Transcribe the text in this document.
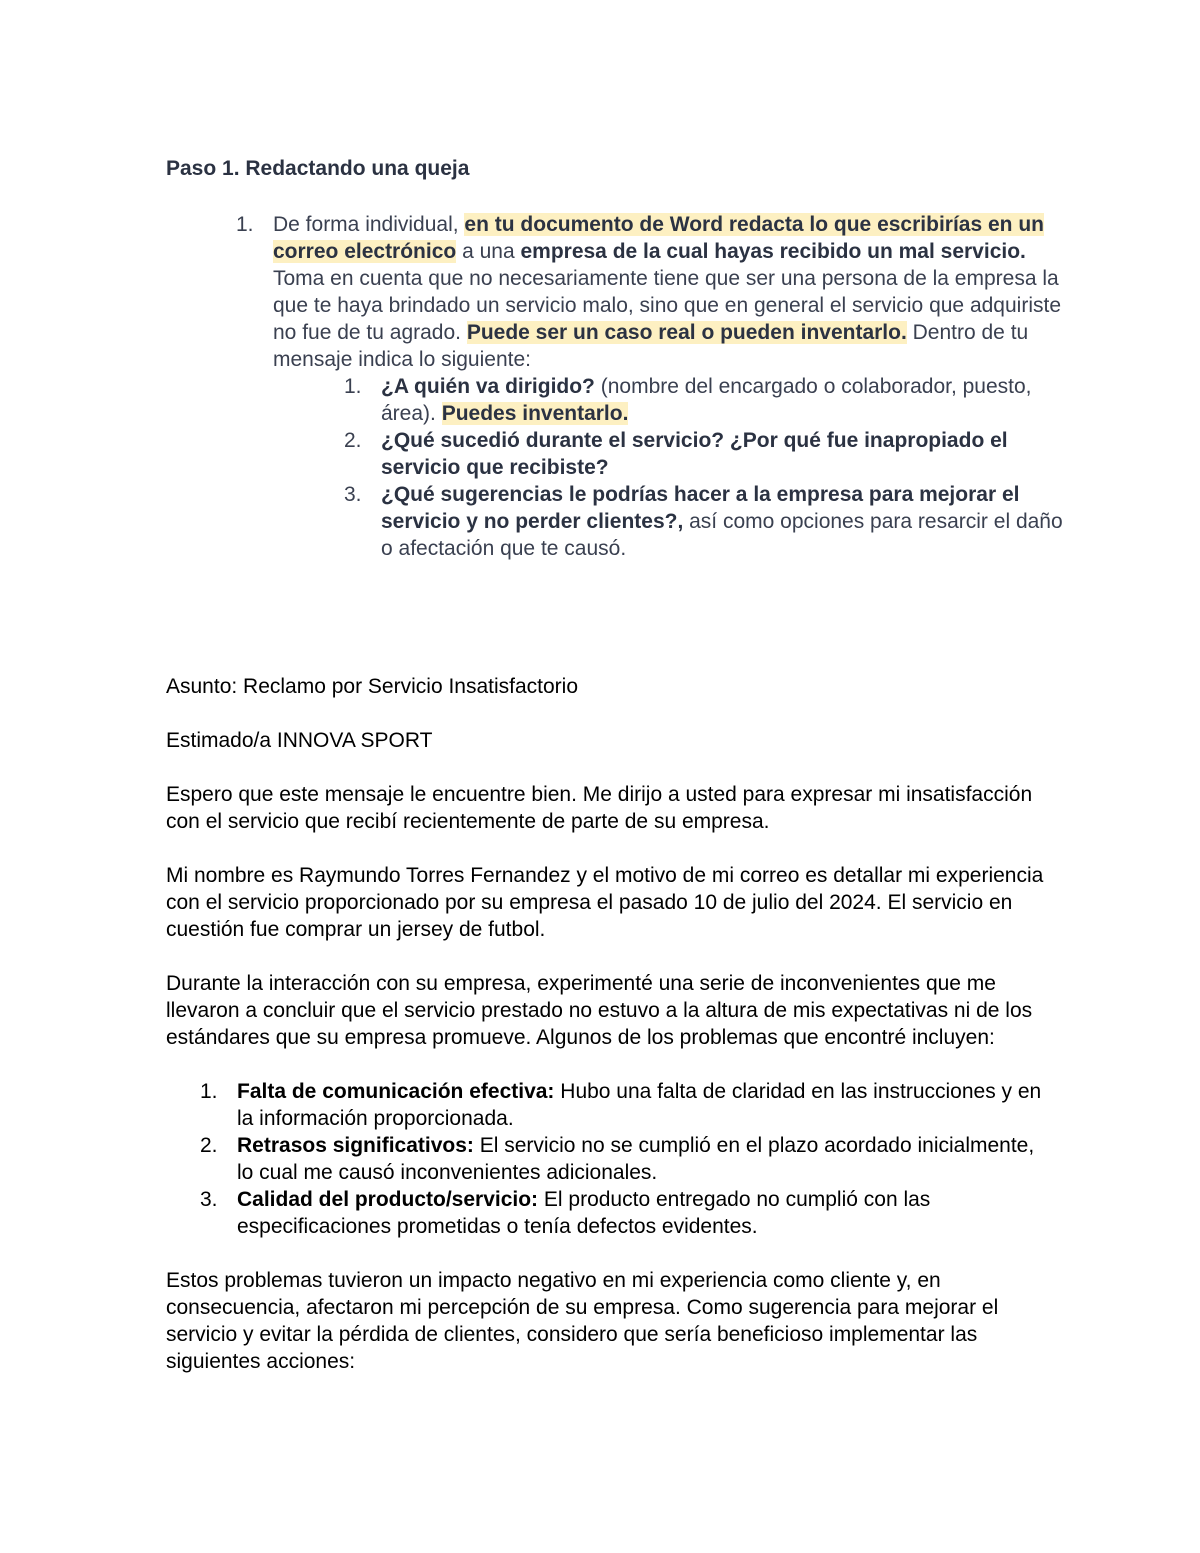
Paso 1. Redactando una queja
1. De forma individual, en tu documento de Word redacta lo que escribirías en un correo electrónico a una empresa de la cual hayas recibido un mal servicio. Toma en cuenta que no necesariamente tiene que ser una persona de la empresa la que te haya brindado un servicio malo, sino que en general el servicio que adquiriste no fue de tu agrado. Puede ser un caso real o pueden inventarlo. Dentro de tu mensaje indica lo siguiente:
1. ¿A quién va dirigido? (nombre del encargado o colaborador, puesto, área). Puedes inventarlo.
2. ¿Qué sucedió durante el servicio? ¿Por qué fue inapropiado el servicio que recibiste?
3. ¿Qué sugerencias le podrías hacer a la empresa para mejorar el servicio y no perder clientes?, así como opciones para resarcir el daño o afectación que te causó.

Asunto: Reclamo por Servicio Insatisfactorio

Estimado/a INNOVA SPORT

Espero que este mensaje le encuentre bien. Me dirijo a usted para expresar mi insatisfacción con el servicio que recibí recientemente de parte de su empresa.

Mi nombre es Raymundo Torres Fernandez y el motivo de mi correo es detallar mi experiencia con el servicio proporcionado por su empresa el pasado 10 de julio del 2024. El servicio en cuestión fue comprar un jersey de futbol.

Durante la interacción con su empresa, experimenté una serie de inconvenientes que me llevaron a concluir que el servicio prestado no estuvo a la altura de mis expectativas ni de los estándares que su empresa promueve. Algunos de los problemas que encontré incluyen:

1. Falta de comunicación efectiva: Hubo una falta de claridad en las instrucciones y en la información proporcionada.
2. Retrasos significativos: El servicio no se cumplió en el plazo acordado inicialmente, lo cual me causó inconvenientes adicionales.
3. Calidad del producto/servicio: El producto entregado no cumplió con las especificaciones prometidas o tenía defectos evidentes.

Estos problemas tuvieron un impacto negativo en mi experiencia como cliente y, en consecuencia, afectaron mi percepción de su empresa. Como sugerencia para mejorar el servicio y evitar la pérdida de clientes, considero que sería beneficioso implementar las siguientes acciones:
